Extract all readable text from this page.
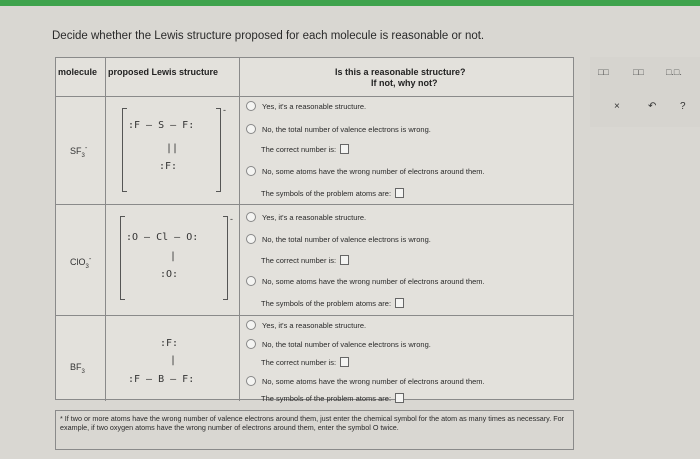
Decide whether the Lewis structure proposed for each molecule is reasonable or not.
molecule proposed Lewis structure	Is this a reasonable structure?
If not, why not?
$SF_3^-$
:F — S — F:
||
:F:
-	Yes, it's a reasonable structure.
No, the total number of valence electrons is wrong.
The correct number is:
No, some atoms have the wrong number of electrons around them.
The symbols of the problem atoms are:
ClO$_3$-
:O — Cl — O:
|
:O:
-	Yes, it's a reasonable structure.
No, the total number of valence electrons is wrong.
The correct number is:
No, some atoms have the wrong number of electrons around them.
The symbols of the problem atoms are:
$BF_3$
:F:
|
:F — B — F:
Yes, it's a reasonable structure.
No, the total number of valence electrons is wrong.
The correct number is:
No, some atoms have the wrong number of electrons around them.
The symbols of the problem atoms are:
* If two or more atoms have the wrong number of valence electrons around them, just enter the chemical symbol for the atom as many times as necessary. For example, if two oxygen atoms have the wrong number of electrons around them, enter the symbol O twice.
□□	□□ □.□.
×	↶ ?
